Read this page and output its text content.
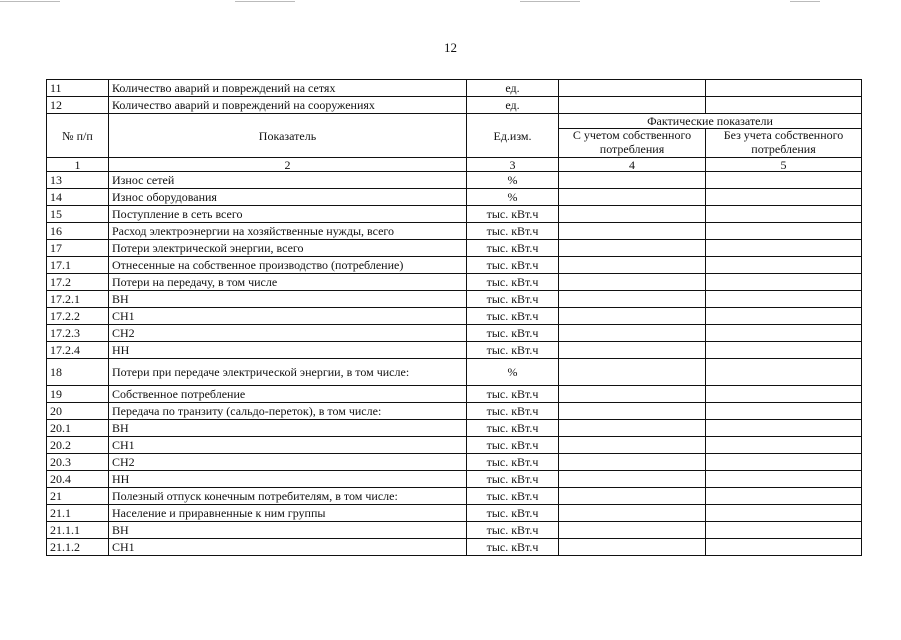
12
11	Количество аварий и повреждений на сетях	ед.		
12	Количество аварий и повреждений на сооружениях	ед.		
№ п/п	Показатель	Ед.изм.	Фактические показатели	
			С учетом собственного потребления	Без учета собственного потребления
1	2	3	4	5
13	Износ сетей	%		
14	Износ оборудования	%		
15	Поступление в сеть всего	тыс. кВт.ч		
16	Расход электроэнергии на хозяйственные нужды, всего	тыс. кВт.ч		
17	Потери электрической энергии, всего	тыс. кВт.ч		
17.1	Отнесенные на собственное производство (потребление)	тыс. кВт.ч		
17.2	Потери на передачу, в том числе	тыс. кВт.ч		
17.2.1	ВН	тыс. кВт.ч		
17.2.2	СН1	тыс. кВт.ч		
17.2.3	СН2	тыс. кВт.ч		
17.2.4	НН	тыс. кВт.ч		
18	Потери при передаче электрической энергии, в том числе:	%		
19	Собственное потребление	тыс. кВт.ч		
20	Передача по транзиту (сальдо-переток), в том числе:	тыс. кВт.ч		
20.1	ВН	тыс. кВт.ч		
20.2	СН1	тыс. кВт.ч		
20.3	СН2	тыс. кВт.ч		
20.4	НН	тыс. кВт.ч		
21	Полезный отпуск конечным потребителям, в том числе:	тыс. кВт.ч		
21.1	Население и приравненные к ним группы	тыс. кВт.ч		
21.1.1	ВН	тыс. кВт.ч		
21.1.2	СН1	тыс. кВт.ч		
